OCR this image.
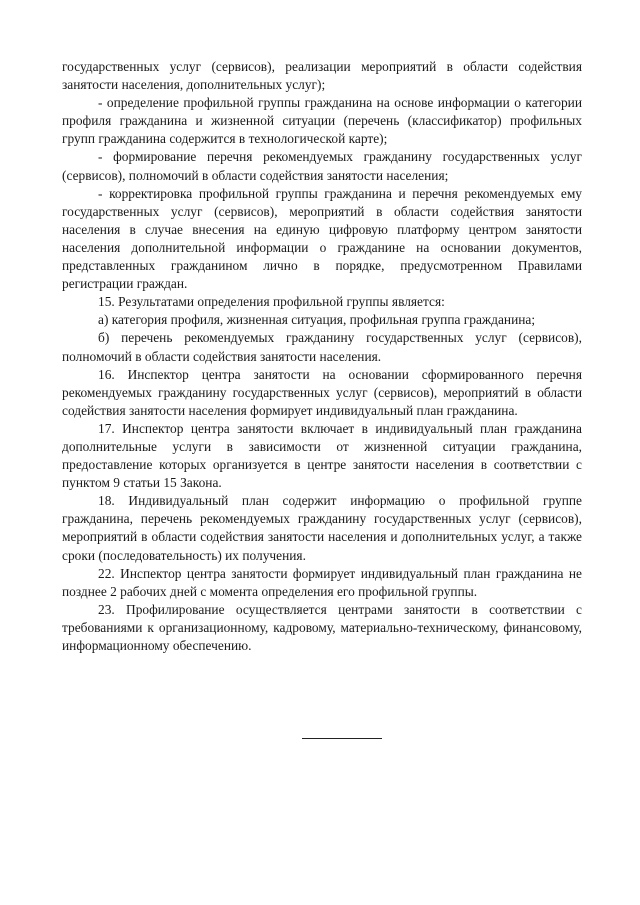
государственных услуг (сервисов), реализации мероприятий в области содействия занятости населения, дополнительных услуг);

- определение профильной группы гражданина на основе информации о категории профиля гражданина и жизненной ситуации (перечень (классификатор) профильных групп гражданина содержится в технологической карте);

- формирование перечня рекомендуемых гражданину государственных услуг (сервисов), полномочий в области содействия занятости населения;

- корректировка профильной группы гражданина и перечня рекомендуемых ему государственных услуг (сервисов), мероприятий в области содействия занятости населения в случае внесения на единую цифровую платформу центром занятости населения дополнительной информации о гражданине на основании документов, представленных гражданином лично в порядке, предусмотренном Правилами регистрации граждан.

15. Результатами определения профильной группы является:

а) категория профиля, жизненная ситуация, профильная группа гражданина;

б) перечень рекомендуемых гражданину государственных услуг (сервисов), полномочий в области содействия занятости населения.

16. Инспектор центра занятости на основании сформированного перечня рекомендуемых гражданину государственных услуг (сервисов), мероприятий в области содействия занятости населения формирует индивидуальный план гражданина.

17. Инспектор центра занятости включает в индивидуальный план гражданина дополнительные услуги в зависимости от жизненной ситуации гражданина, предоставление которых организуется в центре занятости населения в соответствии с пунктом 9 статьи 15 Закона.

18. Индивидуальный план содержит информацию о профильной группе гражданина, перечень рекомендуемых гражданину государственных услуг (сервисов), мероприятий в области содействия занятости населения и дополнительных услуг, а также сроки (последовательность) их получения.

22. Инспектор центра занятости формирует индивидуальный план гражданина не позднее 2 рабочих дней с момента определения его профильной группы.

23. Профилирование осуществляется центрами занятости в соответствии с требованиями к организационному, кадровому, материально-техническому, финансовому, информационному обеспечению.
